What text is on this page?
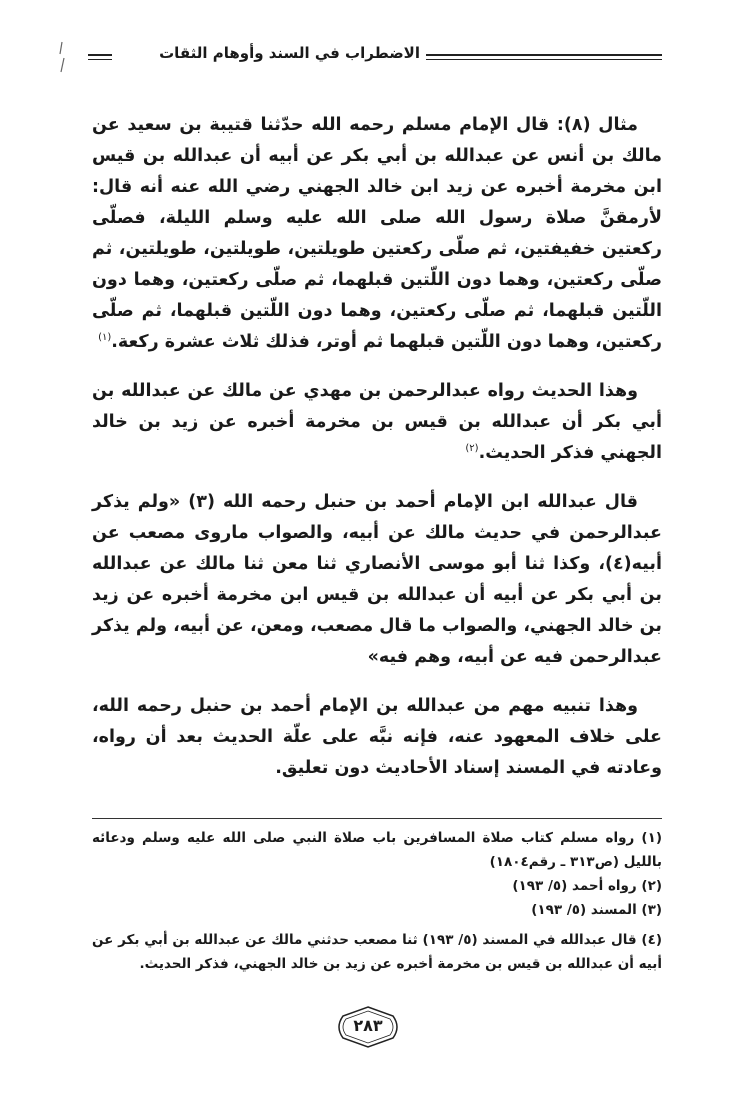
الاضطراب في السند وأوهام الثقات

مثال (٨): قال الإمام مسلم رحمه الله حدّثنا قتيبة بن سعيد عن مالك بن أنس عن عبدالله بن أبي بكر عن أبيه أن عبدالله بن قيس ابن مخرمة أخبره عن زيد ابن خالد الجهني رضي الله عنه أنه قال: لأرمقنَّ صلاة رسول الله صلى الله عليه وسلم الليلة، فصلّى ركعتين خفيفتين، ثم صلّى ركعتين طويلتين، طويلتين، طويلتين، ثم صلّى ركعتين، وهما دون اللّتين قبلهما، ثم صلّى ركعتين، وهما دون اللّتين قبلهما، ثم صلّى ركعتين، وهما دون اللّتين قبلهما، ثم صلّى ركعتين، وهما دون اللّتين قبلهما ثم أوتر، فذلك ثلاث عشرة ركعة.$^{(١)}$

وهذا الحديث رواه عبدالرحمن بن مهدي عن مالك عن عبدالله بن أبي بكر أن عبدالله بن قيس بن مخرمة أخبره عن زيد بن خالد الجهني فذكر الحديث.$^{(٢)}$

قال عبدالله ابن الإمام أحمد بن حنبل رحمه الله (٣) «ولم يذكر عبدالرحمن في حديث مالك عن أبيه، والصواب ماروى مصعب عن أبيه(٤)، وكذا ثنا أبو موسى الأنصاري ثنا معن ثنا مالك عن عبدالله بن أبي بكر عن أبيه أن عبدالله بن قيس ابن مخرمة أخبره عن زيد بن خالد الجهني، والصواب ما قال مصعب، ومعن، عن أبيه، ولم يذكر عبدالرحمن فيه عن أبيه، وهم فيه»

وهذا تنبيه مهم من عبدالله بن الإمام أحمد بن حنبل رحمه الله، على خلاف المعهود عنه، فإنه نبَّه على علّة الحديث بعد أن رواه، وعادته في المسند إسناد الأحاديث دون تعليق.

(١) رواه مسلم كتاب صلاة المسافرين باب صلاة النبي صلى الله عليه وسلم ودعائه بالليل (ص٣١٣ ـ رقم١٨٠٤)

(٢) رواه أحمد (٥/ ١٩٣)

(٣) المسند (٥/ ١٩٣)

(٤) قال عبدالله في المسند (٥/ ١٩٣) ثنا مصعب حدثني مالك عن عبدالله بن أبي بكر عن أبيه أن عبدالله بن قيس بن مخرمة أخبره عن زيد بن خالد الجهني، فذكر الحديث.

٢٨٣
